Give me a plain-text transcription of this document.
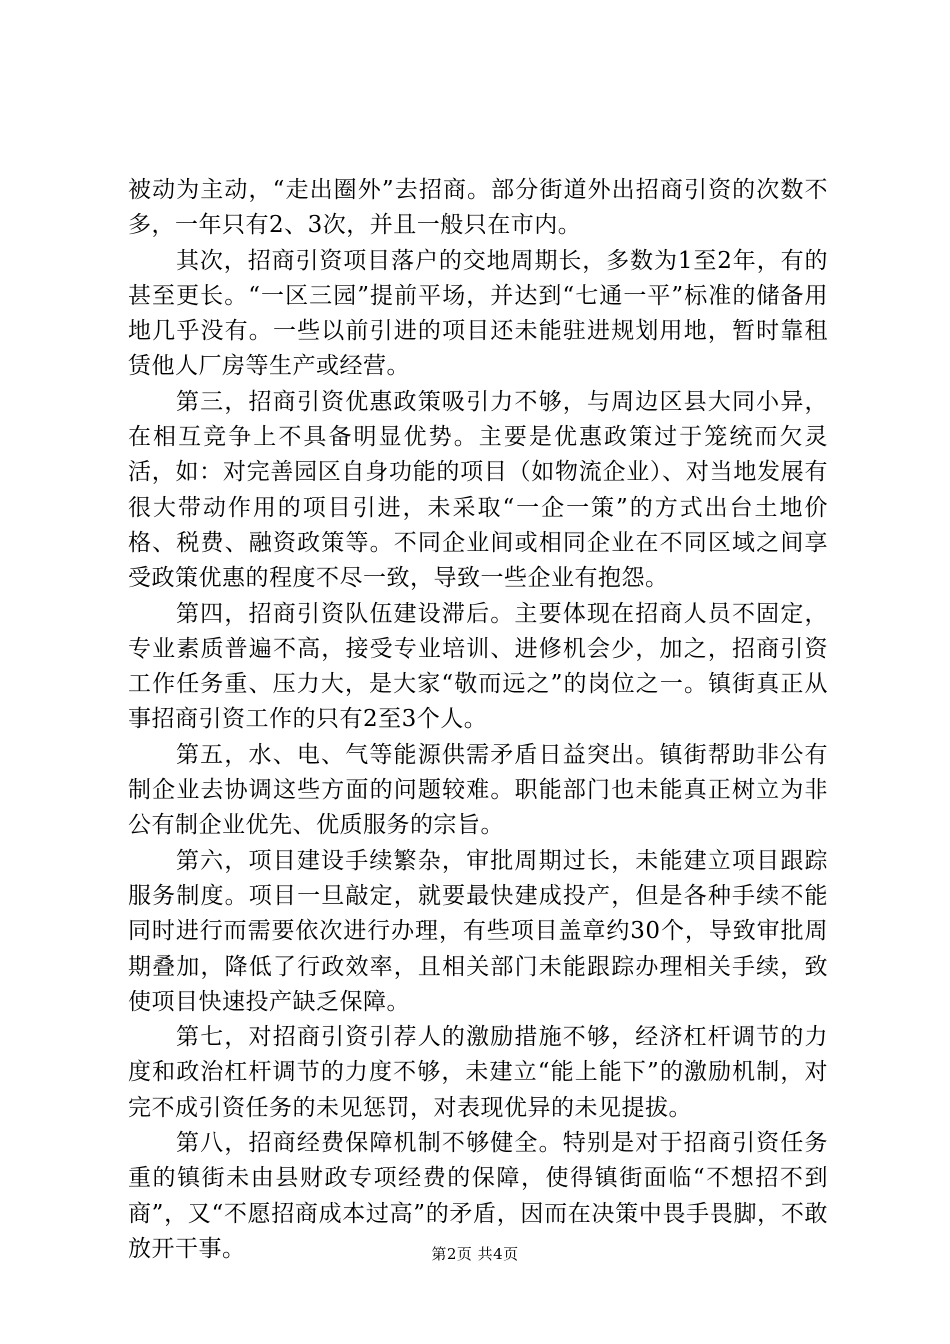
被动为主动，“走出圈外”去招商。部分街道外出招商引资的次数不多，一年只有2、3次，并且一般只在市内。

其次，招商引资项目落户的交地周期长，多数为1至2年，有的甚至更长。“一区三园”提前平场，并达到“七通一平”标准的储备用地几乎没有。一些以前引进的项目还未能驻进规划用地，暂时靠租赁他人厂房等生产或经营。

第三，招商引资优惠政策吸引力不够，与周边区县大同小异，在相互竞争上不具备明显优势。主要是优惠政策过于笼统而欠灵活，如：对完善园区自身功能的项目（如物流企业）、对当地发展有很大带动作用的项目引进，未采取“一企一策”的方式出台土地价格、税费、融资政策等。不同企业间或相同企业在不同区域之间享受政策优惠的程度不尽一致，导致一些企业有抱怨。

第四，招商引资队伍建设滞后。主要体现在招商人员不固定，专业素质普遍不高，接受专业培训、进修机会少，加之，招商引资工作任务重、压力大，是大家“敬而远之”的岗位之一。镇街真正从事招商引资工作的只有2至3个人。

第五，水、电、气等能源供需矛盾日益突出。镇街帮助非公有制企业去协调这些方面的问题较难。职能部门也未能真正树立为非公有制企业优先、优质服务的宗旨。

第六，项目建设手续繁杂，审批周期过长，未能建立项目跟踪服务制度。项目一旦敲定，就要最快建成投产，但是各种手续不能同时进行而需要依次进行办理，有些项目盖章约30个，导致审批周期叠加，降低了行政效率，且相关部门未能跟踪办理相关手续，致使项目快速投产缺乏保障。

第七，对招商引资引荐人的激励措施不够，经济杠杆调节的力度和政治杠杆调节的力度不够，未建立“能上能下”的激励机制，对完不成引资任务的未见惩罚，对表现优异的未见提拔。

第八，招商经费保障机制不够健全。特别是对于招商引资任务重的镇街未由县财政专项经费的保障，使得镇街面临“不想招不到商”，又“不愿招商成本过高”的矛盾，因而在决策中畏手畏脚，不敢放开干事。	第2页 共4页
